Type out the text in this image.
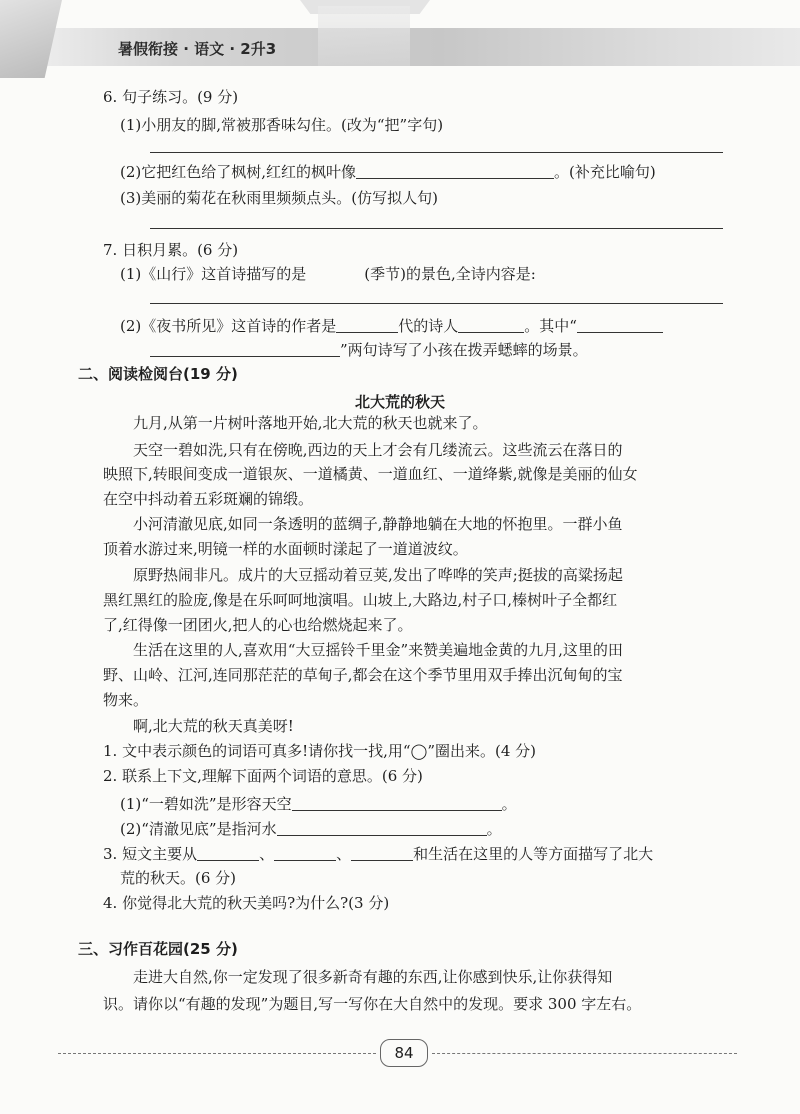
暑假衔接 · 语文 · 2升3
6. 句子练习。(9 分)
(1)小朋友的脚,常被那香味勾住。(改为“把”字句)
(2)它把红色给了枫树,红红的枫叶像	。(补充比喻句)
(3)美丽的菊花在秋雨里频频点头。(仿写拟人句)
7. 日积月累。(6 分)
(1)《山行》这首诗描写的是	(季节)的景色,全诗内容是:
(2)《夜书所见》这首诗的作者是	代的诗人	。其中“
”两句诗写了小孩在拨弄蟋蟀的场景。
二、阅读检阅台(19 分)
北大荒的秋天
九月,从第一片树叶落地开始,北大荒的秋天也就来了。
天空一碧如洗,只有在傍晚,西边的天上才会有几缕流云。这些流云在落日的
映照下,转眼间变成一道银灰、一道橘黄、一道血红、一道绛紫,就像是美丽的仙女
在空中抖动着五彩斑斓的锦缎。
小河清澈见底,如同一条透明的蓝绸子,静静地躺在大地的怀抱里。一群小鱼
顶着水游过来,明镜一样的水面顿时漾起了一道道波纹。
原野热闹非凡。成片的大豆摇动着豆荚,发出了哗哗的笑声;挺拔的高粱扬起
黑红黑红的脸庞,像是在乐呵呵地演唱。山坡上,大路边,村子口,榛树叶子全都红
了,红得像一团团火,把人的心也给燃烧起来了。
生活在这里的人,喜欢用“大豆摇铃千里金”来赞美遍地金黄的九月,这里的田
野、山岭、江河,连同那茫茫的草甸子,都会在这个季节里用双手捧出沉甸甸的宝
物来。
啊,北大荒的秋天真美呀!
1. 文中表示颜色的词语可真多!请你找一找,用“◯”圈出来。(4 分)
2. 联系上下文,理解下面两个词语的意思。(6 分)
(1)“一碧如洗”是形容天空	。
(2)“清澈见底”是指河水	。
3. 短文主要从	、	、	和生活在这里的人等方面描写了北大
荒的秋天。(6 分)
4. 你觉得北大荒的秋天美吗?为什么?(3 分)
三、习作百花园(25 分)
走进大自然,你一定发现了很多新奇有趣的东西,让你感到快乐,让你获得知
识。请你以“有趣的发现”为题目,写一写你在大自然中的发现。要求 300 字左右。
84
